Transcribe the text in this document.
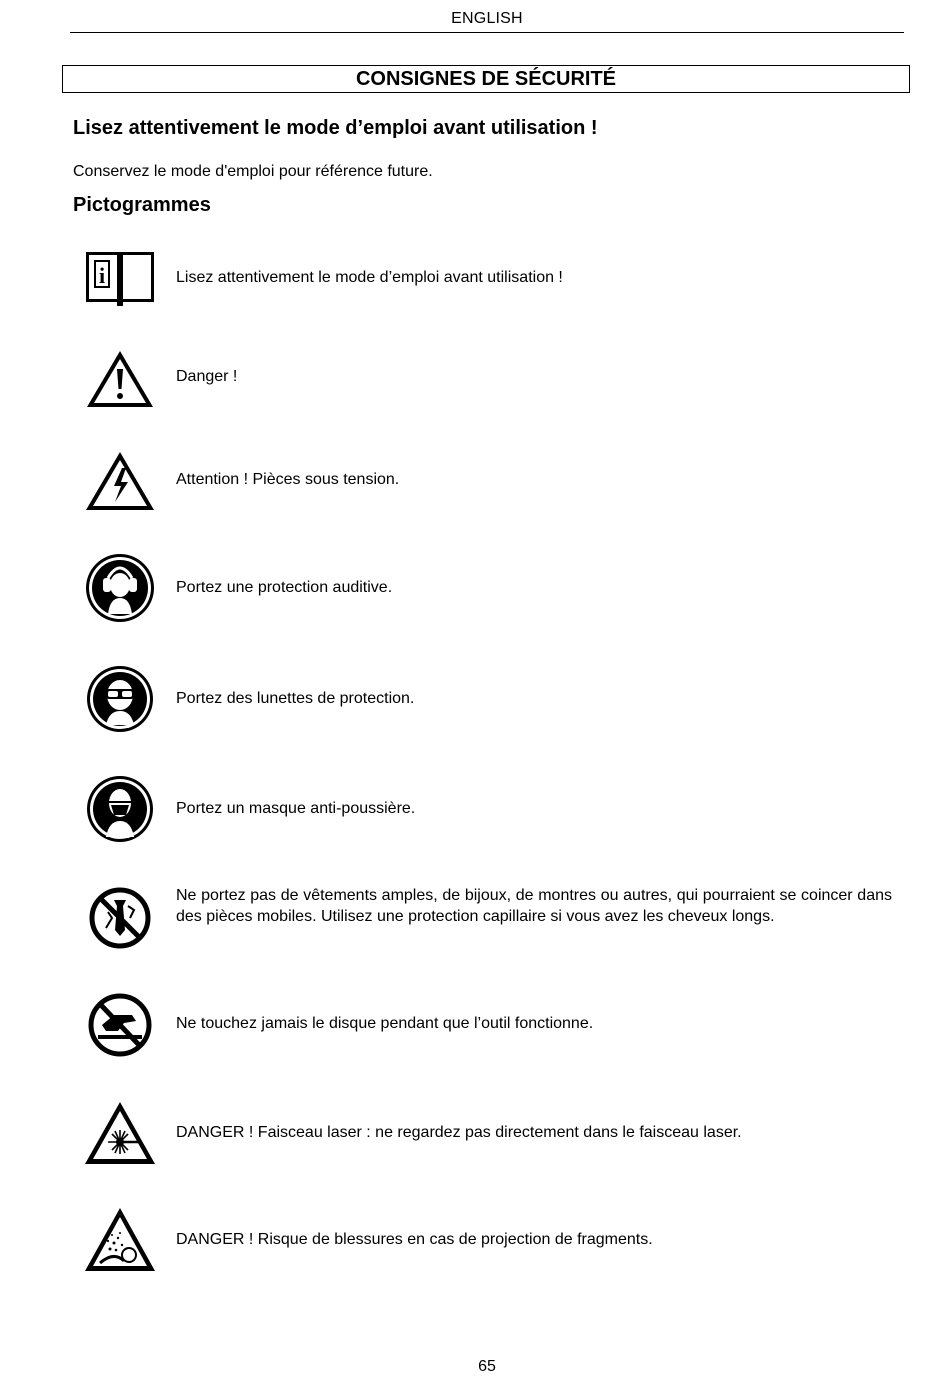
ENGLISH
CONSIGNES DE SÉCURITÉ
Lisez attentivement le mode d’emploi avant utilisation !
Conservez le mode d'emploi pour référence future.
Pictogrammes
i	Lisez attentivement le mode d’emploi avant utilisation !
Danger !
Attention ! Pièces sous tension.
Portez une protection auditive.
Portez des lunettes de protection.
Portez un masque anti-poussière.
Ne portez pas de vêtements amples, de bijoux, de montres ou autres, qui pourraient se coincer dans des pièces mobiles. Utilisez une protection capillaire si vous avez les cheveux longs.
Ne touchez jamais le disque pendant que l’outil fonctionne.
DANGER ! Faisceau laser : ne regardez pas directement dans le faisceau laser.
DANGER ! Risque de blessures en cas de projection de fragments.
65
